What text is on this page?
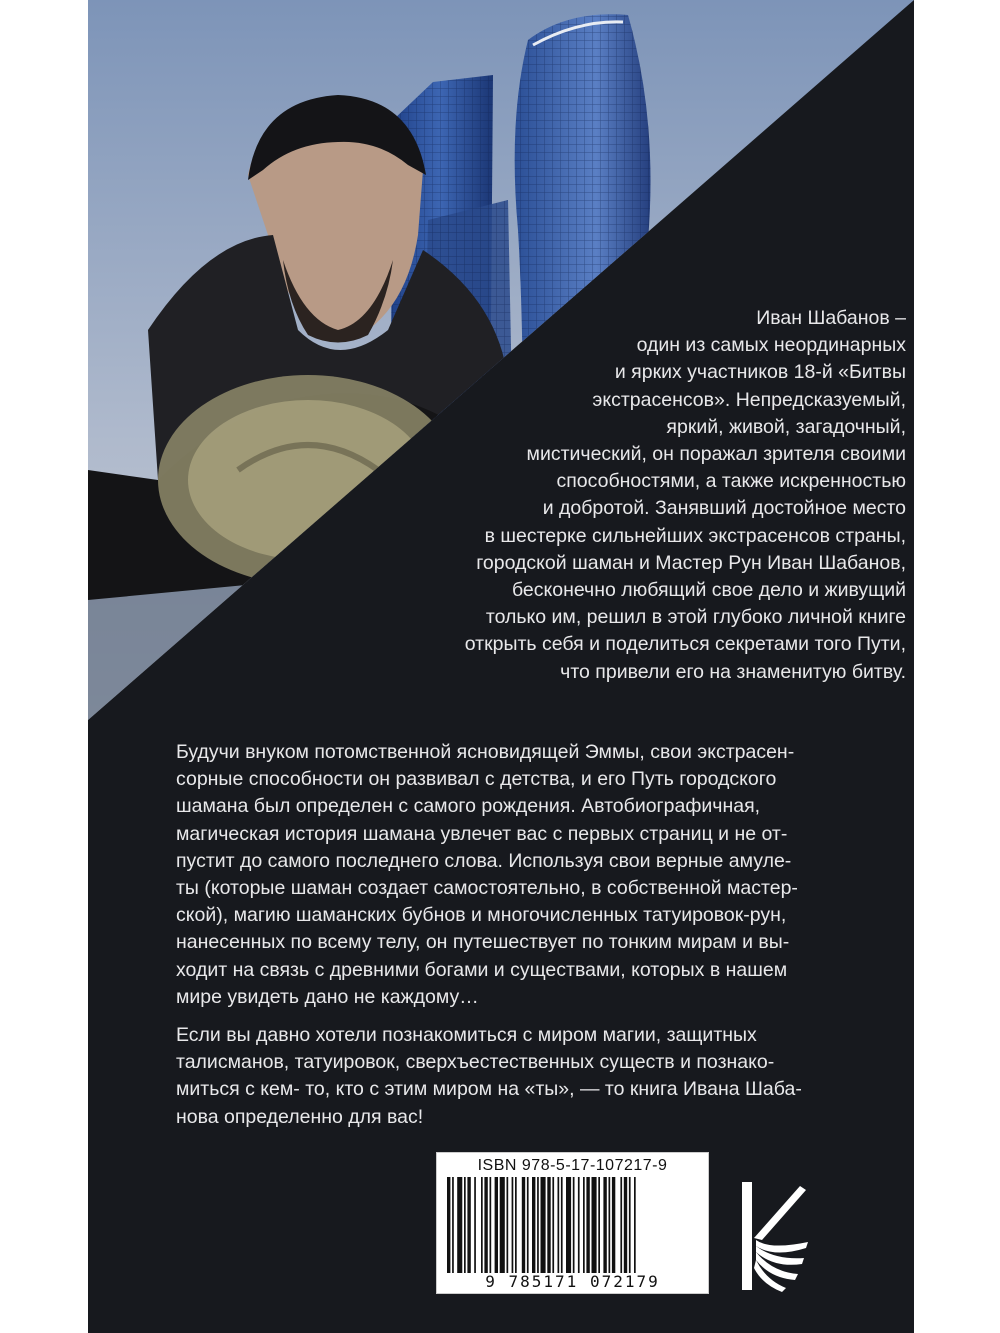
Иван Шабанов –
один из самых неординарных
и ярких участников 18-й «Битвы
экстрасенсов». Непредсказуемый,
яркий, живой, загадочный,
мистический, он поражал зрителя своими
способностями, а также искренностью
и добротой. Занявший достойное место
в шестерке сильнейших экстрасенсов страны,
городской шаман и Мастер Рун Иван Шабанов,
бесконечно любящий свое дело и живущий
только им, решил в этой глубоко личной книге
открыть себя и поделиться секретами того Пути,
что привели его на знаменитую битву.
Будучи внуком потомственной ясновидящей Эммы, свои экстрасен-
сорные способности он развивал с детства, и его Путь городского
шамана был определен с самого рождения. Автобиографичная,
магическая история шамана увлечет вас с первых страниц и не от-
пустит до самого последнего слова. Используя свои верные амуле-
ты (которые шаман создает самостоятельно, в собственной мастер-
ской), магию шаманских бубнов и многочисленных татуировок-рун,
нанесенных по всему телу, он путешествует по тонким мирам и вы-
ходит на связь с древними богами и существами, которых в нашем
мире увидеть дано не каждому…
Если вы давно хотели познакомиться с миром магии, защитных
талисманов, татуировок, сверхъестественных существ и познако-
миться с кем- то, кто с этим миром на «ты», — то книга Ивана Шаба-
нова определенно для вас!
ISBN 978-5-17-107217-9
9 785171 072179
